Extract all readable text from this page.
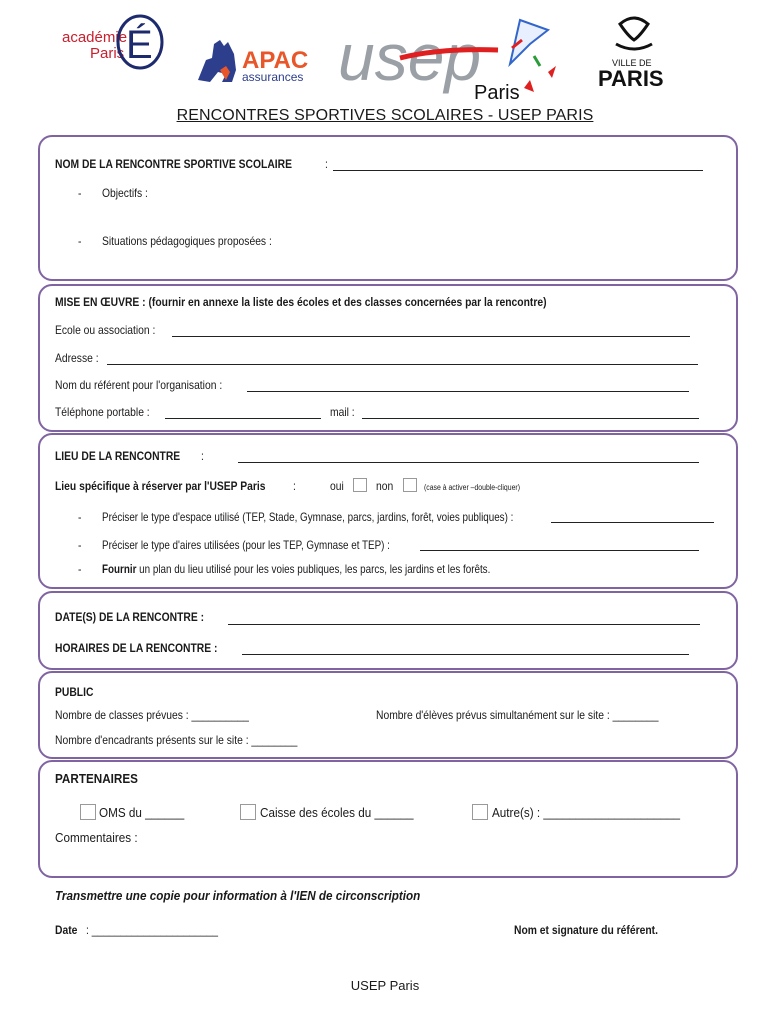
académie
Paris É	APAC
assurances usep
Paris
VILLE DE
PARIS
RENCONTRES SPORTIVES SCOLAIRES - USEP PARIS
NOM DE LA RENCONTRE SPORTIVE SCOLAIRE	:
- Objectifs :
- Situations pédagogiques proposées :
MISE EN ŒUVRE : (fournir en annexe la liste des écoles et des classes concernées par la rencontre)
Ecole ou association :
Adresse :
Nom du référent pour l'organisation :
Téléphone portable :	mail :
LIEU DE LA RENCONTRE :
Lieu spécifique à réserver par l'USEP Paris :	oui	non	(case à activer –double-cliquer)
- Préciser le type d'espace utilisé (TEP, Stade, Gymnase, parcs, jardins, forêt, voies publiques) :
- Préciser le type d'aires utilisées (pour les TEP, Gymnase et TEP) :
- Fournir un plan du lieu utilisé pour les voies publiques, les parcs, les jardins et les forêts.
DATE(S) DE LA RENCONTRE :
HORAIRES DE LA RENCONTRE :
PUBLIC
Nombre de classes prévues : __________	Nombre d'élèves prévus simultanément sur le site : ________
Nombre d'encadrants présents sur le site : ________
PARTENAIRES
OMS du ______	Caisse des écoles du ______	Autre(s) : _____________________
Commentaires :
Transmettre une copie pour information à l'IEN de circonscription
Date : ______________________	Nom et signature du référent.
USEP Paris
